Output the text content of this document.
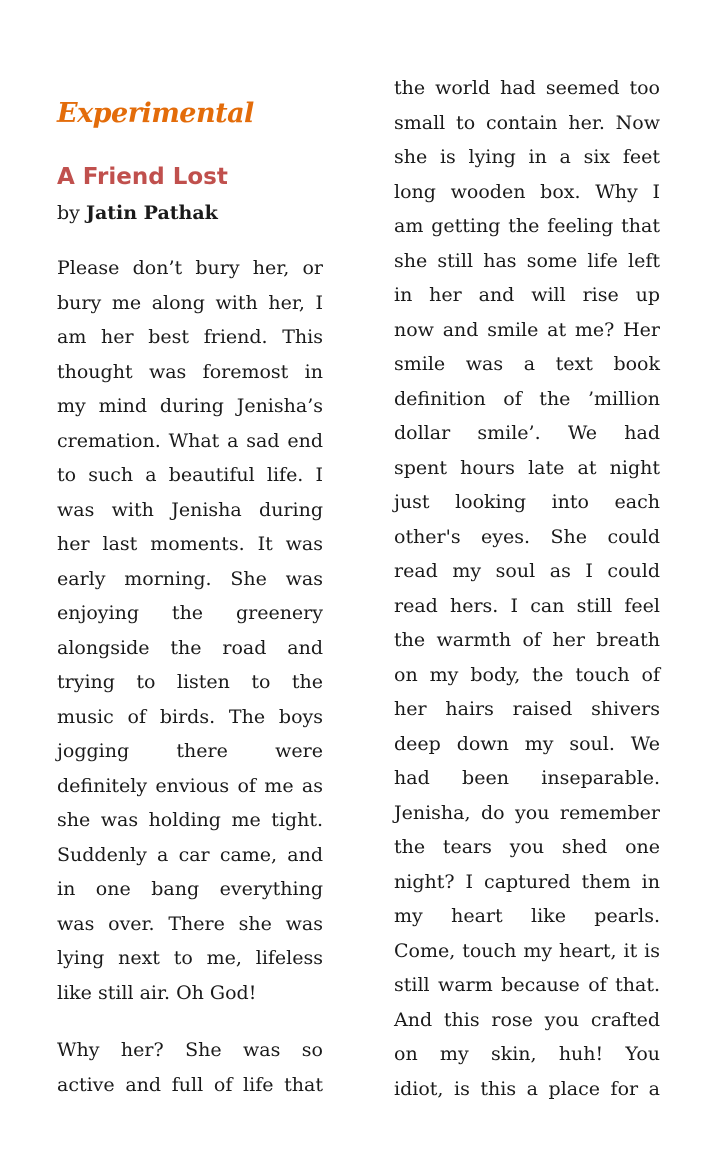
Experimental
A Friend Lost
by Jatin Pathak
Please don’t bury her, or
bury me along with her, I
am her best friend. This
thought was foremost in
my mind during Jenisha’s
cremation. What a sad end
to such a beautiful life. I
was with Jenisha during
her last moments. It was
early morning. She was
enjoying the greenery
alongside the road and
trying to listen to the
music of birds. The boys
jogging there were
definitely envious of me as
she was holding me tight.
Suddenly a car came, and
in one bang everything
was over. There she was
lying next to me, lifeless
like still air. Oh God!
Why her? She was so
active and full of life that
the world had seemed too
small to contain her. Now
she is lying in a six feet
long wooden box. Why I
am getting the feeling that
she still has some life left
in her and will rise up
now and smile at me? Her
smile was a text book
definition of the ’million
dollar smile’. We had
spent hours late at night
just looking into each
other's eyes. She could
read my soul as I could
read hers. I can still feel
the warmth of her breath
on my body, the touch of
her hairs raised shivers
deep down my soul. We
had been inseparable.
Jenisha, do you remember
the tears you shed one
night? I captured them in
my heart like pearls.
Come, touch my heart, it is
still warm because of that.
And this rose you crafted
on my skin, huh! You
idiot, is this a place for a
